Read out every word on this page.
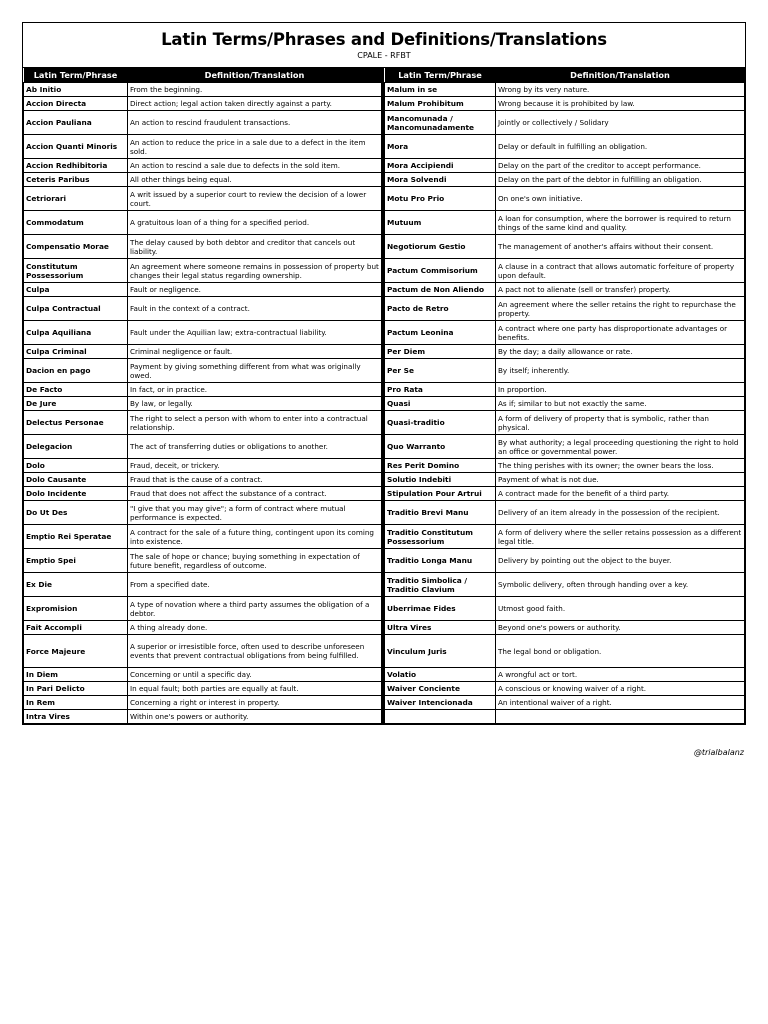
Latin Terms/Phrases and Definitions/Translations
CPALE - RFBT
Latin Term/Phrase	Definition/Translation
Ab Initio	From the beginning.
Accion Directa	Direct action; legal action taken directly against a party.
Accion Pauliana	An action to rescind fraudulent transactions.
Accion Quanti Minoris	An action to reduce the price in a sale due to a defect in the item sold.
Accion Redhibitoria	An action to rescind a sale due to defects in the sold item.
Ceteris Paribus	All other things being equal.
Cetriorari	A writ issued by a superior court to review the decision of a lower court.
Commodatum	A gratuitous loan of a thing for a specified period.
Compensatio Morae	The delay caused by both debtor and creditor that cancels out liability.
Constitutum Possessorium	An agreement where someone remains in possession of property but changes their legal status regarding ownership.
Culpa	Fault or negligence.
Culpa Contractual	Fault in the context of a contract.
Culpa Aquiliana	Fault under the Aquilian law; extra-contractual liability.
Culpa Criminal	Criminal negligence or fault.
Dacion en pago	Payment by giving something different from what was originally owed.
De Facto	In fact, or in practice.
De Jure	By law, or legally.
Delectus Personae	The right to select a person with whom to enter into a contractual relationship.
Delegacion	The act of transferring duties or obligations to another.
Dolo	Fraud, deceit, or trickery.
Dolo Causante	Fraud that is the cause of a contract.
Dolo Incidente	Fraud that does not affect the substance of a contract.
Do Ut Des	"I give that you may give"; a form of contract where mutual performance is expected.
Emptio Rei Speratae	A contract for the sale of a future thing, contingent upon its coming into existence.
Emptio Spei	The sale of hope or chance; buying something in expectation of future benefit, regardless of outcome.
Ex Die	From a specified date.
Expromision	A type of novation where a third party assumes the obligation of a debtor.
Fait Accompli	A thing already done.
Force Majeure	A superior or irresistible force, often used to describe unforeseen events that prevent contractual obligations from being fulfilled.
In Diem	Concerning or until a specific day.
In Pari Delicto	In equal fault; both parties are equally at fault.
In Rem	Concerning a right or interest in property.
Intra Vires	Within one's powers or authority.
Latin Term/Phrase	Definition/Translation
Malum in se	Wrong by its very nature.
Malum Prohibitum	Wrong because it is prohibited by law.
Mancomunada / Mancomunadamente	Jointly or collectively / Solidary
Mora	Delay or default in fulfilling an obligation.
Mora Accipiendi	Delay on the part of the creditor to accept performance.
Mora Solvendi	Delay on the part of the debtor in fulfilling an obligation.
Motu Pro Prio	On one's own initiative.
Mutuum	A loan for consumption, where the borrower is required to return things of the same kind and quality.
Negotiorum Gestio	The management of another's affairs without their consent.
Pactum Commisorium	A clause in a contract that allows automatic forfeiture of property upon default.
Pactum de Non Aliendo	A pact not to alienate (sell or transfer) property.
Pacto de Retro	An agreement where the seller retains the right to repurchase the property.
Pactum Leonina	A contract where one party has disproportionate advantages or benefits.
Per Diem	By the day; a daily allowance or rate.
Per Se	By itself; inherently.
Pro Rata	In proportion.
Quasi	As if; similar to but not exactly the same.
Quasi-traditio	A form of delivery of property that is symbolic, rather than physical.
Quo Warranto	By what authority; a legal proceeding questioning the right to hold an office or governmental power.
Res Perit Domino	The thing perishes with its owner; the owner bears the loss.
Solutio Indebiti	Payment of what is not due.
Stipulation Pour Artrui	A contract made for the benefit of a third party.
Traditio Brevi Manu	Delivery of an item already in the possession of the recipient.
Traditio Constitutum Possessorium	A form of delivery where the seller retains possession as a different legal title.
Traditio Longa Manu	Delivery by pointing out the object to the buyer.
Traditio Simbolica / Traditio Clavium	Symbolic delivery, often through handing over a key.
Uberrimae Fides	Utmost good faith.
Ultra Vires	Beyond one's powers or authority.
Vinculum Juris	The legal bond or obligation.
Volatio	A wrongful act or tort.
Waiver Conciente	A conscious or knowing waiver of a right.
Waiver Intencionada	An intentional waiver of a right.

@trialbalanz
